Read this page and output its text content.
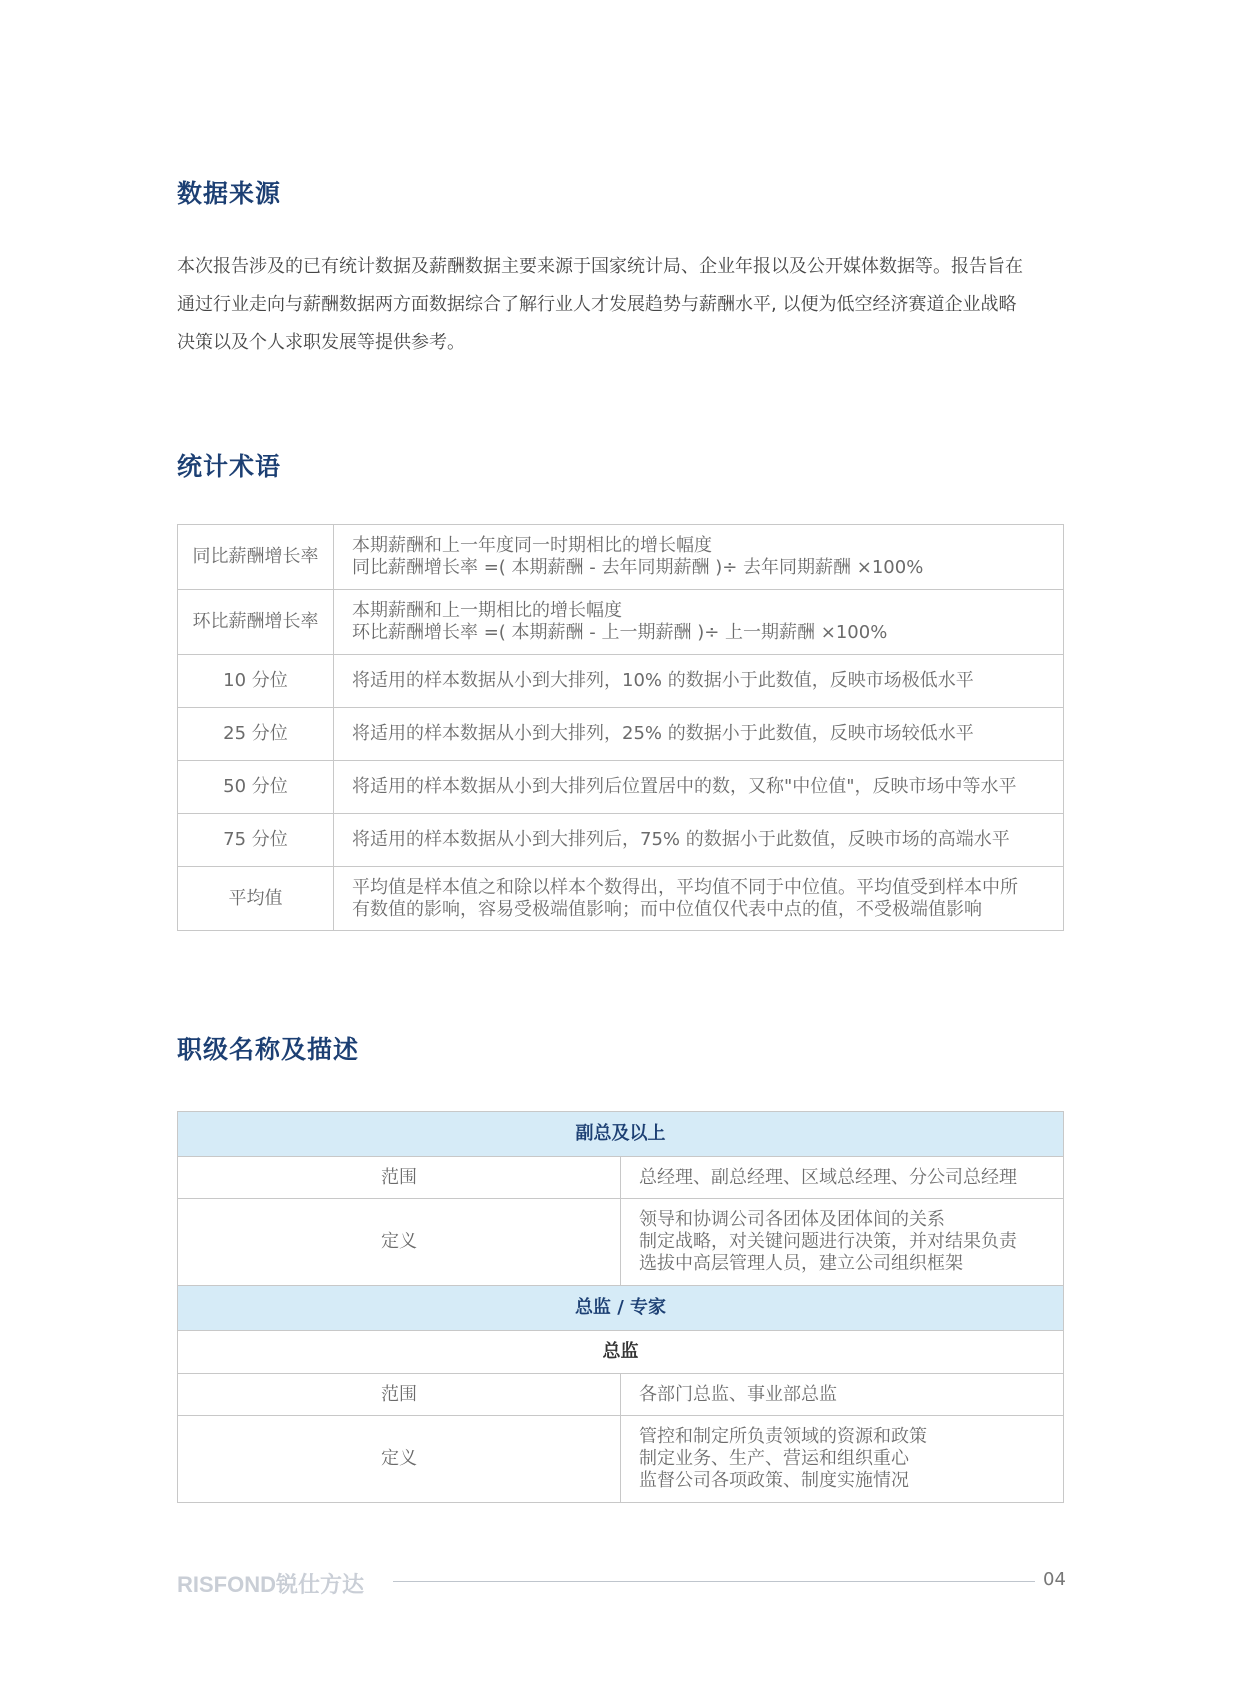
数据来源

本次报告涉及的已有统计数据及薪酬数据主要来源于国家统计局、企业年报以及公开媒体数据等。报告旨在

通过行业走向与薪酬数据两方面数据综合了解行业人才发展趋势与薪酬水平, 以便为低空经济赛道企业战略

决策以及个人求职发展等提供参考。

统计术语
同比薪酬增长率	本期薪酬和上一年度同一时期相比的增长幅度
同比薪酬增长率 =( 本期薪酬 - 去年同期薪酬 )÷ 去年同期薪酬 ×100%

环比薪酬增长率	本期薪酬和上一期相比的增长幅度
环比薪酬增长率 =( 本期薪酬 - 上一期薪酬 )÷ 上一期薪酬 ×100%

10 分位	将适用的样本数据从小到大排列，10% 的数据小于此数值，反映市场极低水平

25 分位	将适用的样本数据从小到大排列，25% 的数据小于此数值，反映市场较低水平

50 分位	将适用的样本数据从小到大排列后位置居中的数，又称"中位值"，反映市场中等水平

75 分位	将适用的样本数据从小到大排列后，75% 的数据小于此数值，反映市场的高端水平

平均值	平均值是样本值之和除以样本个数得出，平均值不同于中位值。平均值受到样本中所
有数值的影响，容易受极端值影响；而中位值仅代表中点的值，不受极端值影响
职级名称及描述
副总及以上	
范围	总经理、副总经理、区域总经理、分公司总经理
定义	领导和协调公司各团体及团体间的关系
制定战略，对关键问题进行决策，并对结果负责
选拔中高层管理人员，建立公司组织框架

总监 / 专家	
总监	
范围	各部门总监、事业部总监
定义	管控和制定所负责领域的资源和政策
制定业务、生产、营运和组织重心
监督公司各项政策、制度实施情况
RISFOND锐仕方达	04
